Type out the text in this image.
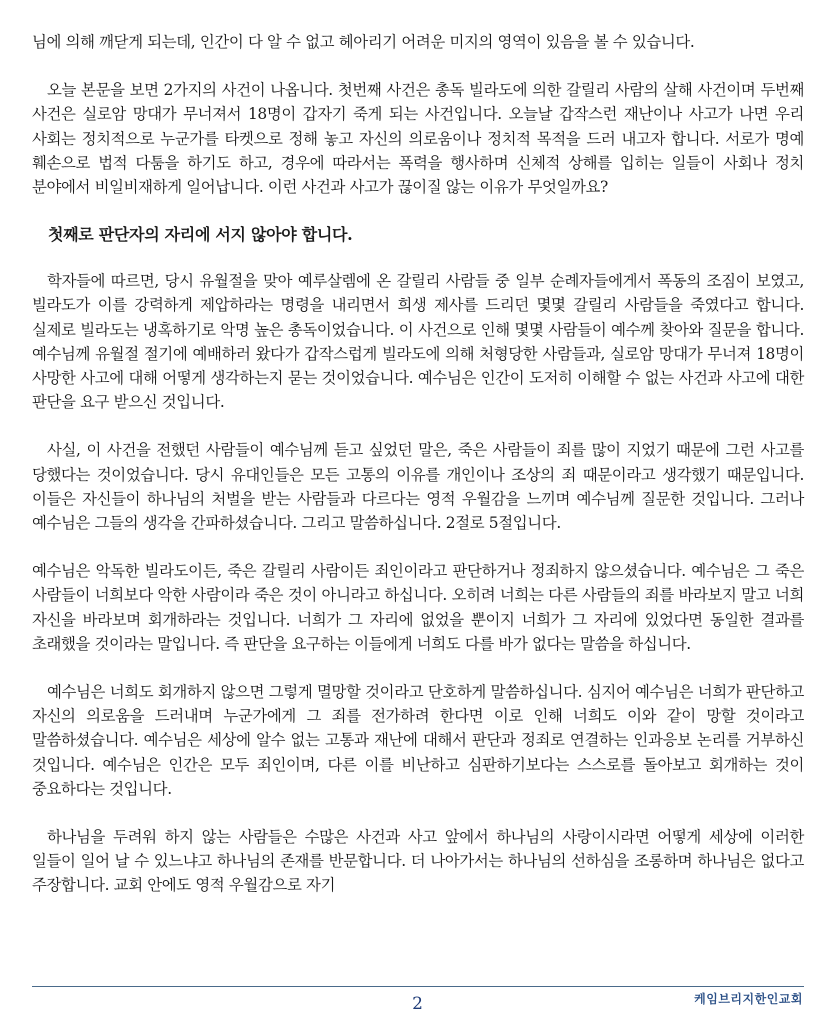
님에 의해 깨닫게 되는데, 인간이 다 알 수 없고 헤아리기 어려운 미지의 영역이 있음을 볼 수 있습니다.

오늘 본문을 보면 2가지의 사건이 나옵니다. 첫번째 사건은 총독 빌라도에 의한 갈릴리 사람의 살해 사건이며 두번째 사건은 실로암 망대가 무너져서 18명이 갑자기 죽게 되는 사건입니다. 오늘날 갑작스런 재난이나 사고가 나면 우리 사회는 정치적으로 누군가를 타켓으로 정해 놓고 자신의 의로움이나 정치적 목적을 드러 내고자 합니다. 서로가 명예 훼손으로 법적 다툼을 하기도 하고, 경우에 따라서는 폭력을 행사하며 신체적 상해를 입히는 일들이 사회나 정치 분야에서 비일비재하게 일어납니다. 이런 사건과 사고가 끊이질 않는 이유가 무엇일까요?

첫째로 판단자의 자리에 서지 않아야 합니다.

학자들에 따르면, 당시 유월절을 맞아 예루살렘에 온 갈릴리 사람들 중 일부 순례자들에게서 폭동의 조짐이 보였고, 빌라도가 이를 강력하게 제압하라는 명령을 내리면서 희생 제사를 드리던 몇몇 갈릴리 사람들을 죽였다고 합니다. 실제로 빌라도는 냉혹하기로 악명 높은 총독이었습니다. 이 사건으로 인해 몇몇 사람들이 예수께 찾아와 질문을 합니다. 예수님께 유월절 절기에 예배하러 왔다가 갑작스럽게 빌라도에 의해 처형당한 사람들과, 실로암 망대가 무너져 18명이 사망한 사고에 대해 어떻게 생각하는지 묻는 것이었습니다. 예수님은 인간이 도저히 이해할 수 없는 사건과 사고에 대한 판단을 요구 받으신 것입니다.

사실, 이 사건을 전했던 사람들이 예수님께 듣고 싶었던 말은, 죽은 사람들이 죄를 많이 지었기 때문에 그런 사고를 당했다는 것이었습니다. 당시 유대인들은 모든 고통의 이유를 개인이나 조상의 죄 때문이라고 생각했기 때문입니다. 이들은 자신들이 하나님의 처벌을 받는 사람들과 다르다는 영적 우월감을 느끼며 예수님께 질문한 것입니다. 그러나 예수님은 그들의 생각을 간파하셨습니다. 그리고 말씀하십니다. 2절로 5절입니다.

예수님은 악독한 빌라도이든, 죽은 갈릴리 사람이든 죄인이라고 판단하거나 정죄하지 않으셨습니다. 예수님은 그 죽은 사람들이 너희보다 악한 사람이라 죽은 것이 아니라고 하십니다. 오히려 너희는 다른 사람들의 죄를 바라보지 말고 너희 자신을 바라보며 회개하라는 것입니다. 너희가 그 자리에 없었을 뿐이지 너희가 그 자리에 있었다면 동일한 결과를 초래했을 것이라는 말입니다. 즉 판단을 요구하는 이들에게 너희도 다를 바가 없다는 말씀을 하십니다.

예수님은 너희도 회개하지 않으면 그렇게 멸망할 것이라고 단호하게 말씀하십니다. 심지어 예수님은 너희가 판단하고 자신의 의로움을 드러내며 누군가에게 그 죄를 전가하려 한다면 이로 인해 너희도 이와 같이 망할 것이라고 말씀하셨습니다. 예수님은 세상에 알수 없는 고통과 재난에 대해서 판단과 정죄로 연결하는 인과응보 논리를 거부하신 것입니다. 예수님은 인간은 모두 죄인이며, 다른 이를 비난하고 심판하기보다는 스스로를 돌아보고 회개하는 것이 중요하다는 것입니다.

하나님을 두려워 하지 않는 사람들은 수많은 사건과 사고 앞에서 하나님의 사랑이시라면 어떻게 세상에 이러한 일들이 일어 날 수 있느냐고 하나님의 존재를 반문합니다. 더 나아가서는 하나님의 선하심을 조롱하며 하나님은 없다고 주장합니다. 교회 안에도 영적 우월감으로 자기

2	케임브리지한인교회
